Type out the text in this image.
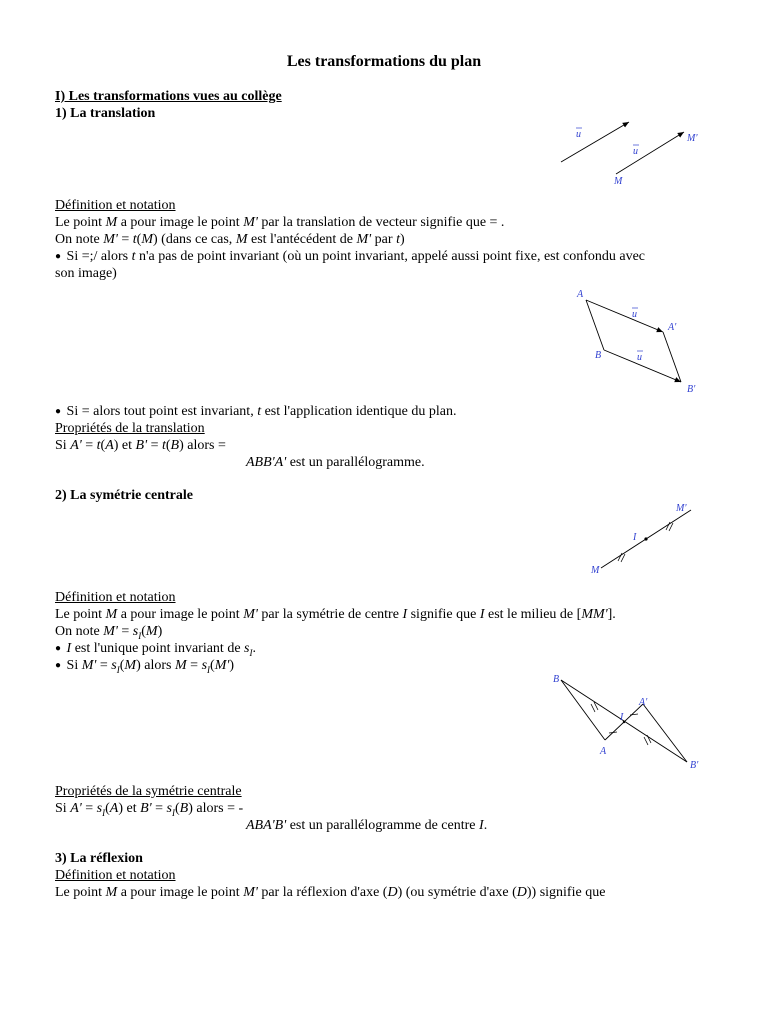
Les transformations du plan
I) Les transformations vues au collège
1) La translation
u
u
M'
M
Définition et notation
Le point M a pour image le point M' par la translation de vecteur signifie que = .
On note M' = t(M) (dans ce cas, M est l'antécédent de M' par t)
● Si =;/ alors t n'a pas de point invariant (où un point invariant, appelé aussi point fixe, est confondu avec
son image)
A
A'
B
B'
u
u
● Si = alors tout point est invariant, t est l'application identique du plan.
Propriétés de la translation
Si A' = t(A) et B' = t(B) alors =
ABB'A' est un parallélogramme.
2) La symétrie centrale
M'
I
M
Définition et notation
Le point M a pour image le point M' par la symétrie de centre I signifie que I est le milieu de [MM'].
On note $M' = s_I(M)$
● I est l'unique point invariant de $s_I$.
● Si $M' = s_I(M)$ alors $M = s_I(M')$
B
A'
I
A
B'
Propriétés de la symétrie centrale
Si $A' = s_I(A)$ et $B' = s_I(B)$ alors = -
ABA'B' est un parallélogramme de centre I.
3) La réflexion
Définition et notation
Le point M a pour image le point M' par la réflexion d'axe (D) (ou symétrie d'axe (D)) signifie que
